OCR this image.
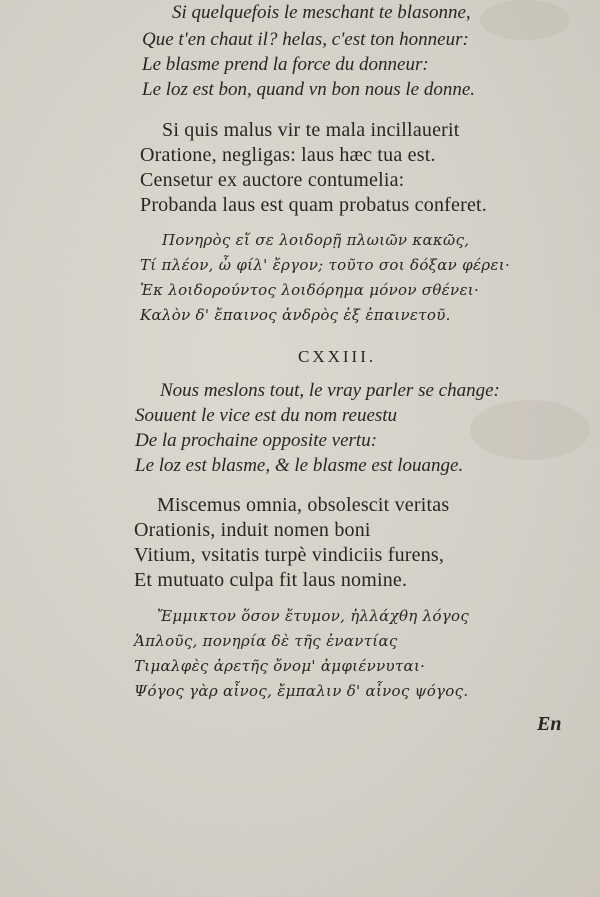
Si quelquefois le meschant te blasonne,

Que t'en chaut il? helas, c'est ton honneur:

Le blasme prend la force du donneur:

Le loz est bon, quand vn bon nous le donne.

Si quis malus vir te mala incillauerit

Oratione, negligas: laus hæc tua est.

Censetur ex auctore contumelia:

Probanda laus est quam probatus conferet.

Πονηρὸς εἴ σε λοιδορῇ πλωιῶν κακῶς,

Τί πλέον, ὦ φίλ' ἔργον; τοῦτο σοι δόξαν φέρει·

Ἐκ λοιδορούντος λοιδόρημα μόνον σθένει·

Καλὸν δ' ἔπαινος ἀνδρὸς ἐξ ἐπαινετοῦ.

CXXIII.

Nous meslons tout, le vray parler se change:

Souuent le vice est du nom reuestu

De la prochaine opposite vertu:

Le loz est blasme, & le blasme est louange.

Miscemus omnia, obsolescit veritas

Orationis, induit nomen boni

Vitium, vsitatis turpè vindiciis furens,

Et mutuato culpa fit laus nomine.

Ἔμμικτον ὅσον ἔτυμον, ἠλλάχθη λόγος

Ἁπλοῦς, πονηρία δὲ τῆς ἐναντίας

Τιμαλφὲς ἀρετῆς ὄνομ' ἀμφιέννυται·

Ψόγος γὰρ αἶνος, ἔμπαλιν δ' αἶνος ψόγος.

En
